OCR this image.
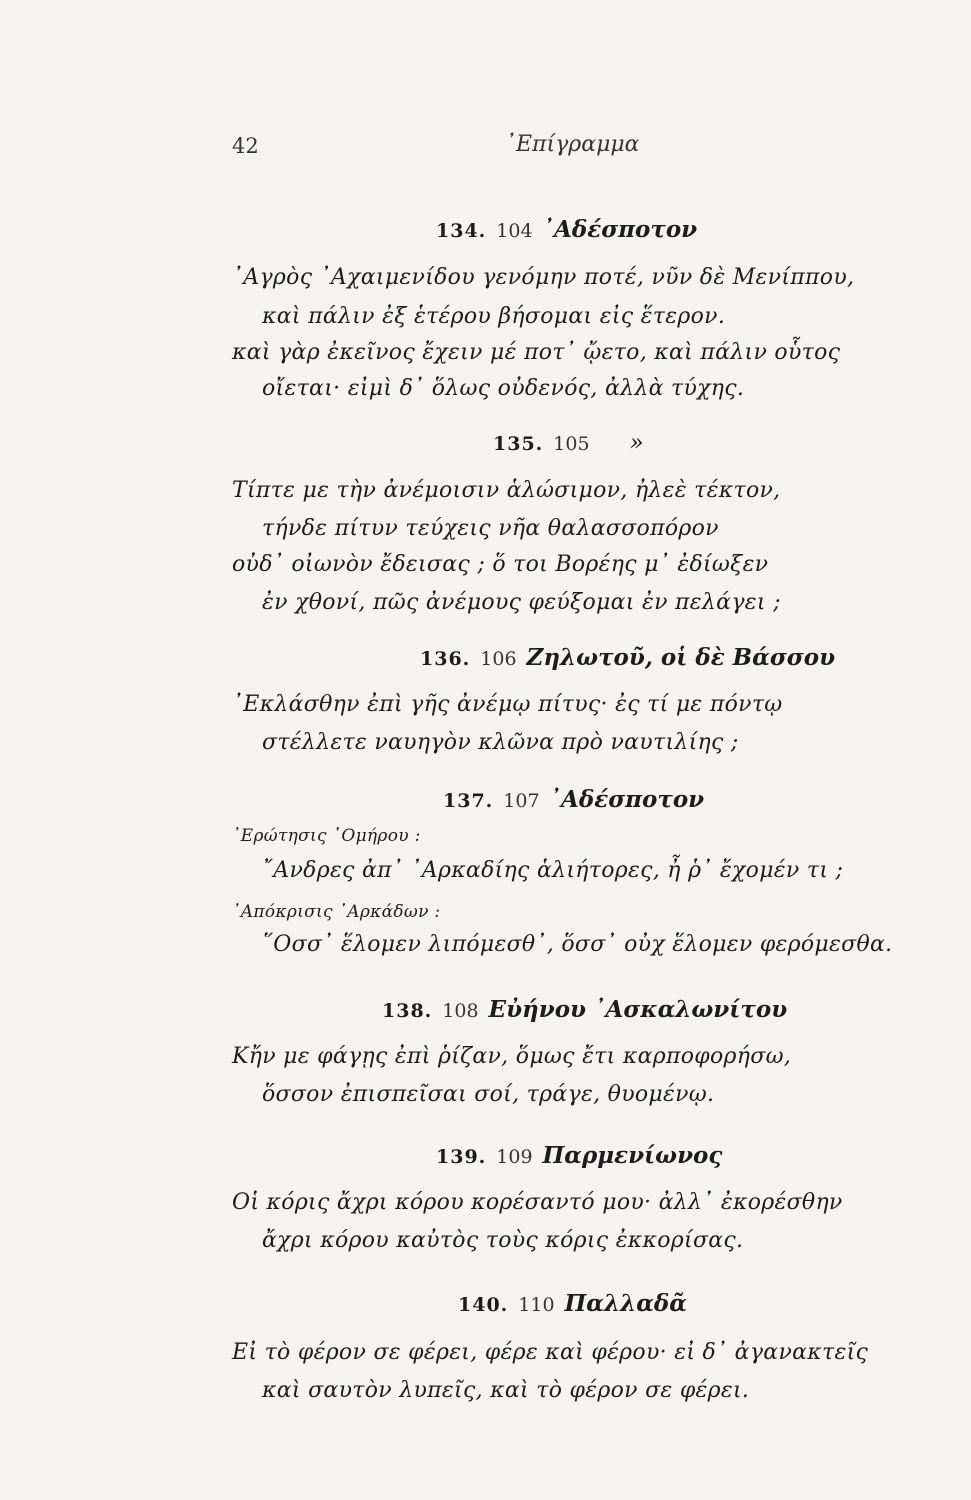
42	᾿Επίγραμμα
134. 104 ᾿Αδέσποτον
᾿Αγρὸς ᾿Αχαιμενίδου γενόμην ποτέ, νῦν δὲ Μενίππου,
καὶ πάλιν ἐξ ἑτέρου βήσομαι εἰς ἕτερον.
καὶ γὰρ ἐκεῖνος ἔχειν μέ ποτ᾿ ᾤετο, καὶ πάλιν οὗτος
οἴεται· εἰμὶ δ᾿ ὅλως οὐδενός, ἀλλὰ τύχης.
135. 105 »
Τίπτε με τὴν ἀνέμοισιν ἁλώσιμον, ἠλεὲ τέκτον,
τήνδε πίτυν τεύχεις νῆα θαλασσοπόρον
οὐδ᾿ οἰωνὸν ἔδεισας ; ὅ τοι Βορέης μ᾿ ἐδίωξεν
ἐν χθονί, πῶς ἀνέμους φεύξομαι ἐν πελάγει ;
136. 106 Ζηλωτοῦ, οἱ δὲ Βάσσου
᾿Εκλάσθην ἐπὶ γῆς ἀνέμῳ πίτυς· ἐς τί με πόντῳ
στέλλετε ναυηγὸν κλῶνα πρὸ ναυτιλίης ;
137. 107 ᾿Αδέσποτον
᾿Ερώτησις ῾Ομήρου :
῎Ανδρες ἀπ᾿ ᾿Αρκαδίης ἁλιήτορες, ἦ ῥ᾿ ἔχομέν τι ;
᾿Απόκρισις ᾿Αρκάδων :
῞Οσσ᾿ ἕλομεν λιπόμεσθ᾿, ὅσσ᾿ οὐχ ἕλομεν φερόμεσθα.
138. 108 Εὐήνου ᾿Ασκαλωνίτου
Κἤν με φάγῃς ἐπὶ ῥίζαν, ὅμως ἔτι καρποφορήσω,
ὅσσον ἐπισπεῖσαι σοί, τράγε, θυομένῳ.
139. 109 Παρμενίωνος
Οἱ κόρις ἄχρι κόρου κορέσαντό μου· ἀλλ᾿ ἐκορέσθην
ἄχρι κόρου καὐτὸς τοὺς κόρις ἐκκορίσας.
140. 110 Παλλαδᾶ
Εἰ τὸ φέρον σε φέρει, φέρε καὶ φέρου· εἰ δ᾿ ἀγανακτεῖς
καὶ σαυτὸν λυπεῖς, καὶ τὸ φέρον σε φέρει.
